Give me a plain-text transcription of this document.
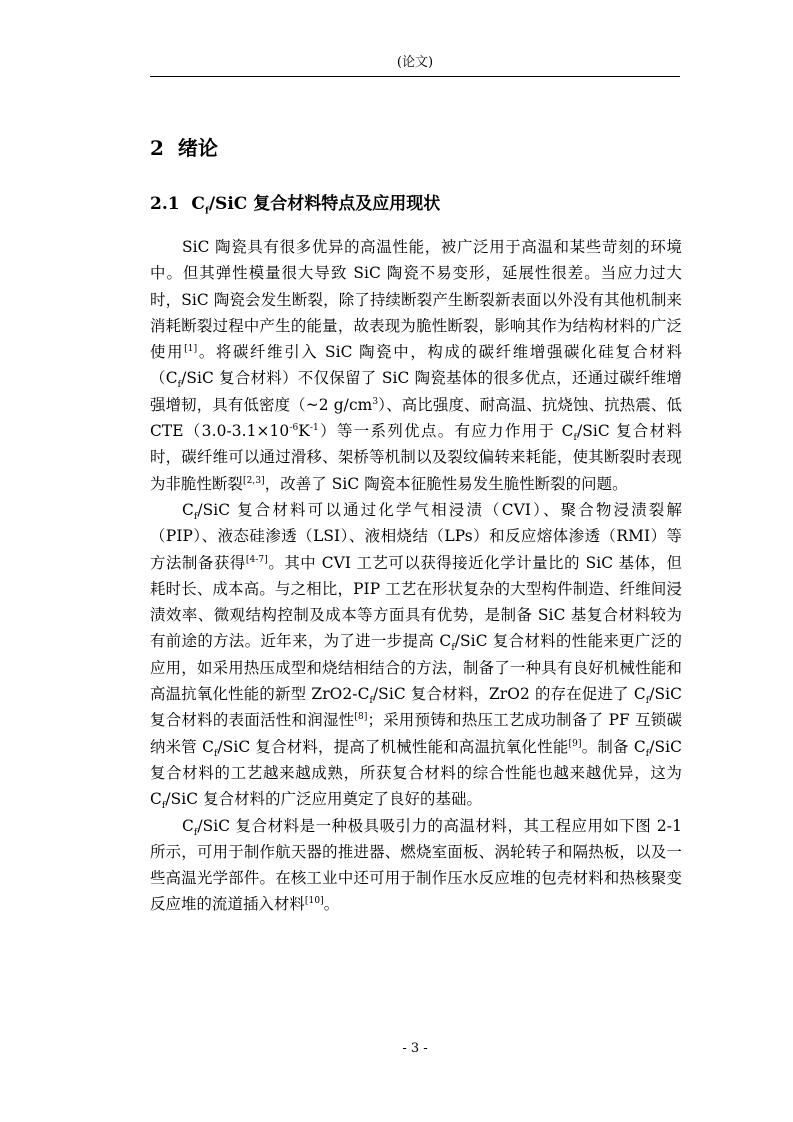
(论文)
2 绪论
2.1 $C_f$/SiC 复合材料特点及应用现状

SiC 陶瓷具有很多优异的高温性能，被广泛用于高温和某些苛刻的环境中。但其弹性模量很大导致 SiC 陶瓷不易变形，延展性很差。当应力过大时，SiC 陶瓷会发生断裂，除了持续断裂产生断裂新表面以外没有其他机制来消耗断裂过程中产生的能量，故表现为脆性断裂，影响其作为结构材料的广泛使用[1]。将碳纤维引入 SiC 陶瓷中，构成的碳纤维增强碳化硅复合材料（$C_f$/SiC 复合材料）不仅保留了 SiC 陶瓷基体的很多优点，还通过碳纤维增强增韧，具有低密度（~2 $g/cm^3$）、高比强度、耐高温、抗烧蚀、抗热震、低 $CTE(3.0-3.1\times 10^{-6}K^{-1})$等一系列优点。有应力作用于 $C_f$/SiC 复合材料时，碳纤维可以通过滑移、架桥等机制以及裂纹偏转来耗能，使其断裂时表现为非脆性断裂[2,3]，改善了 SiC 陶瓷本征脆性易发生脆性断裂的问题。

$C_f$/SiC 复合材料可以通过化学气相浸渍（CVI）、聚合物浸渍裂解（PIP）、液态硅渗透（LSI）、液相烧结（LPs）和反应熔体渗透（RMI）等方法制备获得[4-7]。其中 CVI 工艺可以获得接近化学计量比的 SiC 基体，但耗时长、成本高。与之相比，PIP 工艺在形状复杂的大型构件制造、纤维间浸渍效率、微观结构控制及成本等方面具有优势，是制备 SiC 基复合材料较为有前途的方法。近年来，为了进一步提高 $C_f$/SiC 复合材料的性能来更广泛的应用，如采用热压成型和烧结相结合的方法，制备了一种具有良好机械性能和高温抗氧化性能的新型 $ZrO2-C_f$/SiC 复合材料，ZrO2 的存在促进了 $C_f$/SiC 复合材料的表面活性和润湿性[8]；采用预铸和热压工艺成功制备了 PF 互锁碳纳米管 $C_f$/SiC 复合材料，提高了机械性能和高温抗氧化性能[9]。制备 $C_f$/SiC 复合材料的工艺越来越成熟，所获复合材料的综合性能也越来越优异，这为 $C_f$/SiC 复合材料的广泛应用奠定了良好的基础。

$C_f$/SiC 复合材料是一种极具吸引力的高温材料，其工程应用如下图 2-1 所示，可用于制作航天器的推进器、燃烧室面板、涡轮转子和隔热板，以及一些高温光学部件。在核工业中还可用于制作压水反应堆的包壳材料和热核聚变反应堆的流道插入材料[10]。

- 3 -
